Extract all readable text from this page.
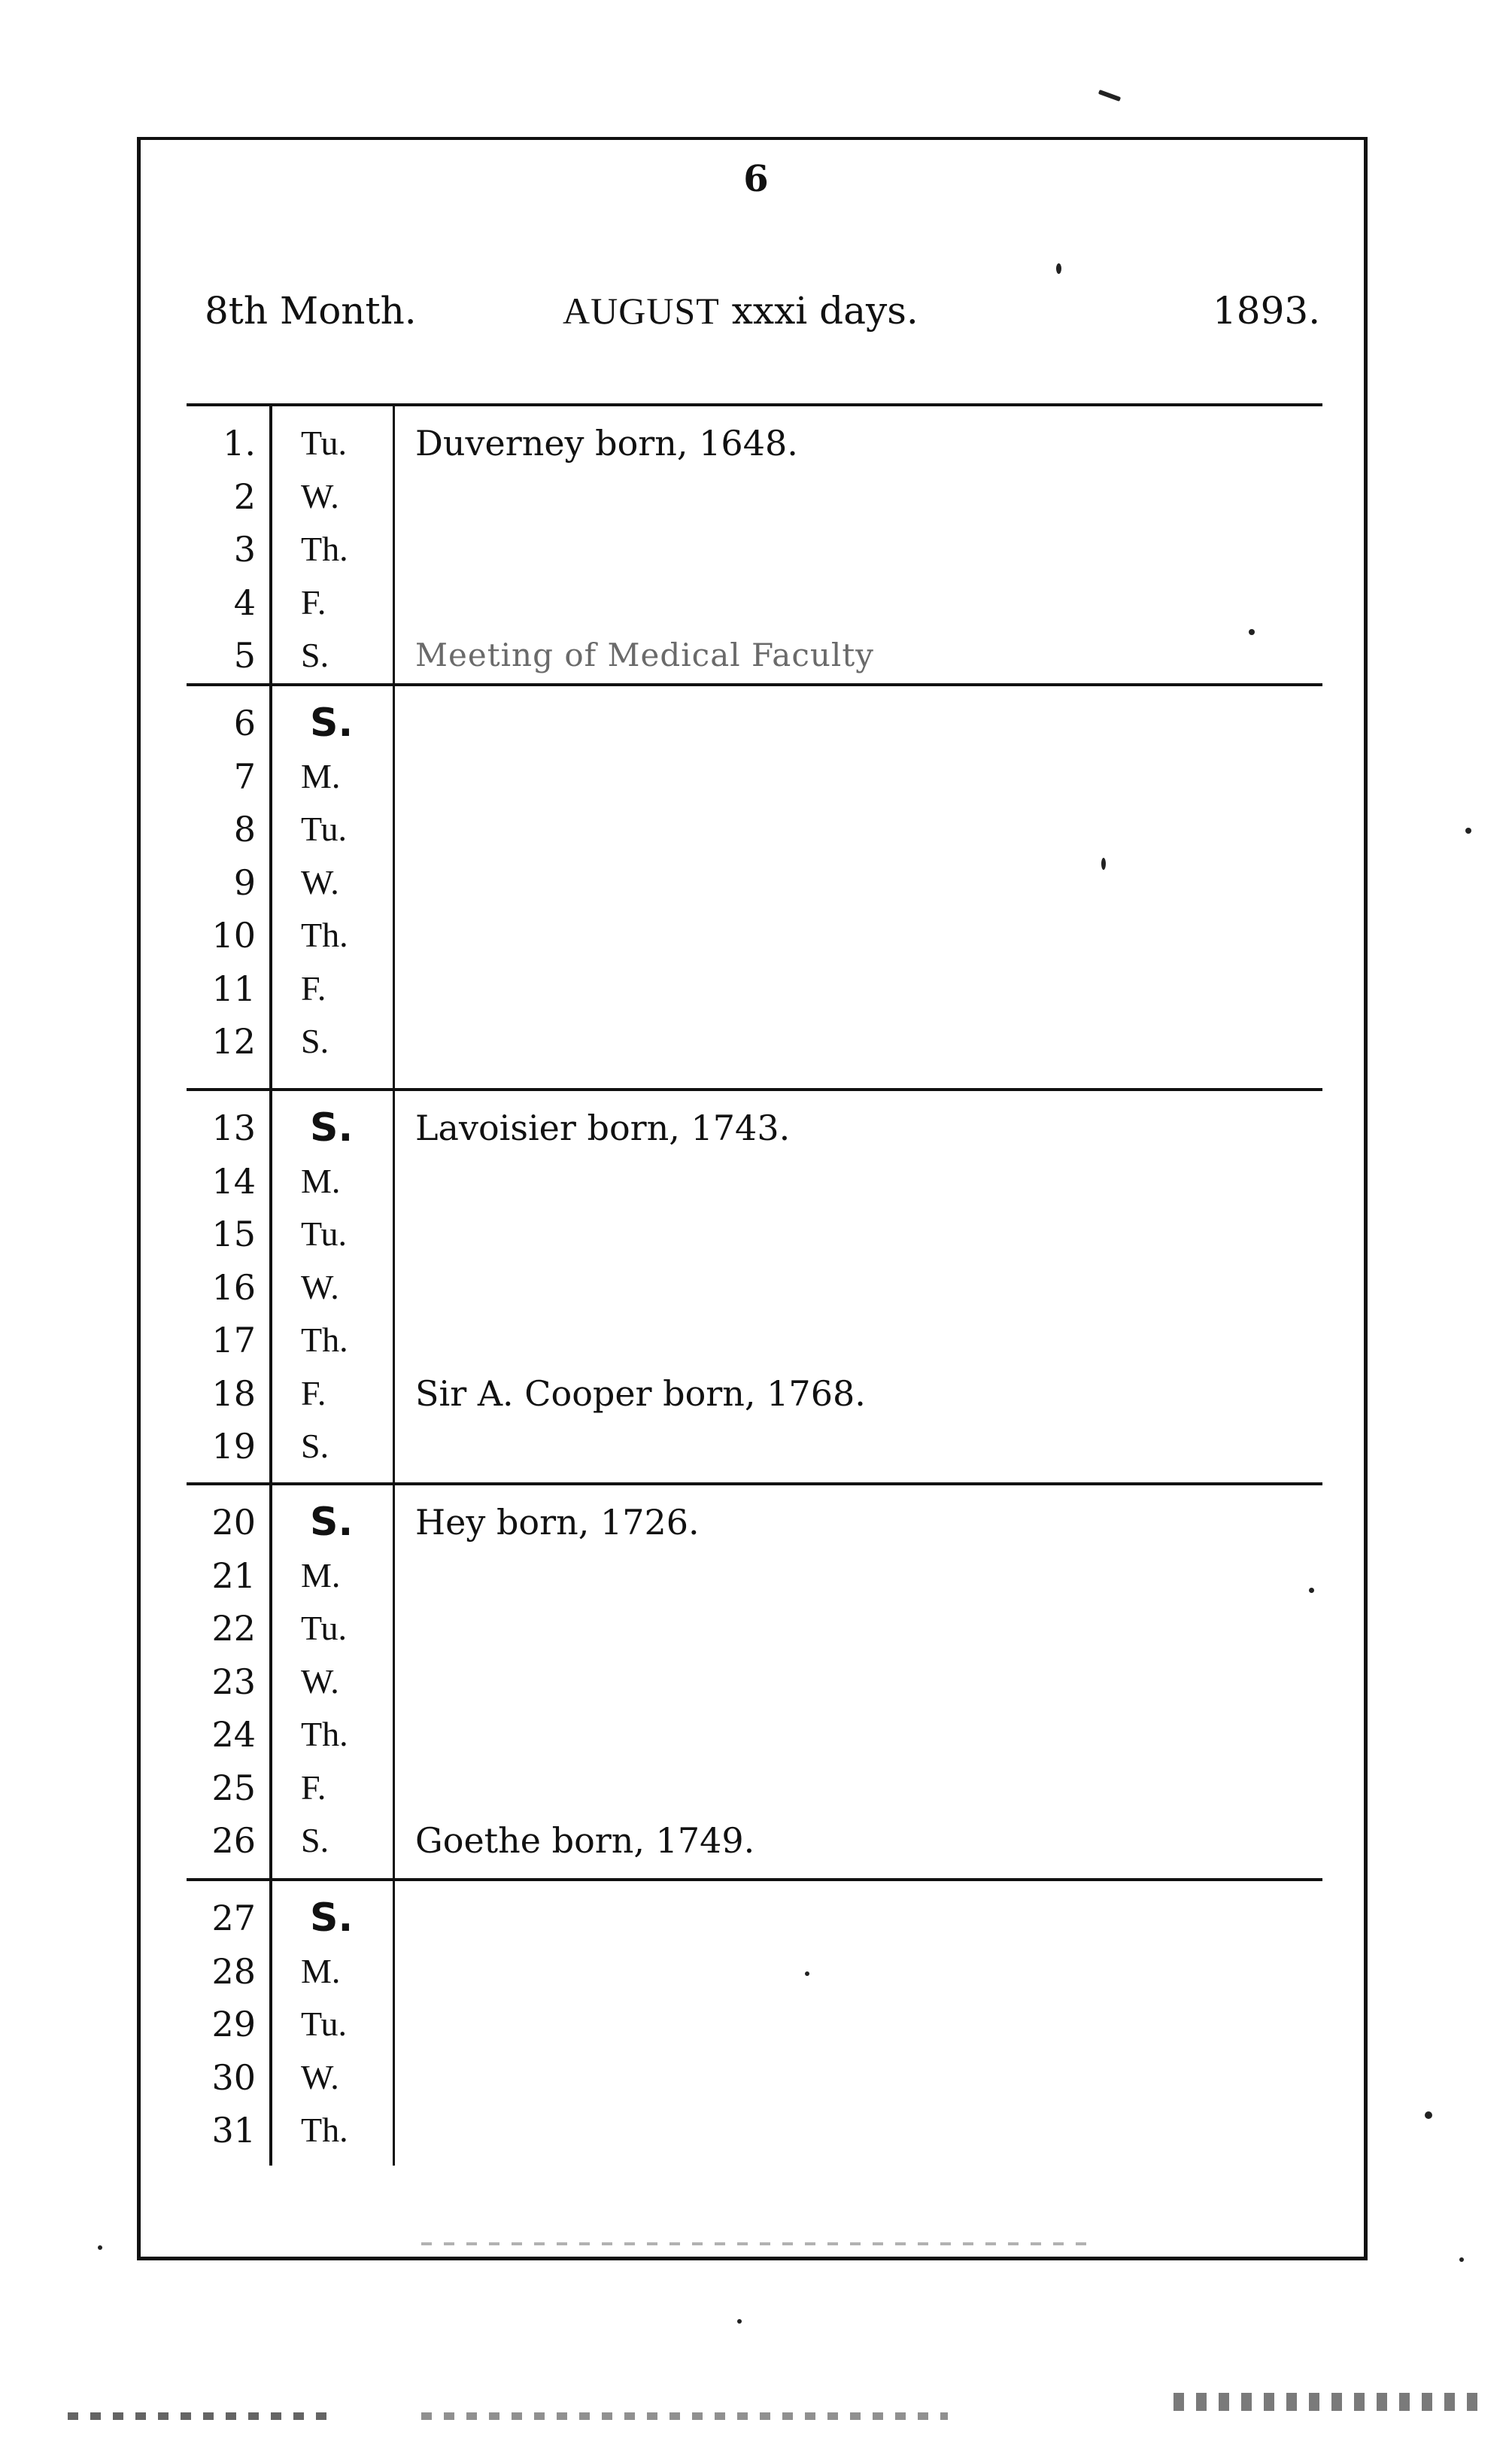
6
8th Month.	AUGUST xxxi days.	1893.
1. Tu. Duverney born, 1648.
2 W.
3 Th.
4 F.
5 S.	Meeting of Medical Faculty
6 S.
7 M.
8 Tu.
9 W.
10 Th.
11 F.
12 S.
13 S. Lavoisier born, 1743.
14 M.
15 Tu.
16 W.
17 Th.
18 F.	Sir A. Cooper born, 1768.
19 S.
20 S. Hey born, 1726.
21 M.
22 Tu.
23 W.
24 Th.
25 F.
26 S. Goethe born, 1749.
27 S.
28 M.
29 Tu.
30 W.
31 Th.
